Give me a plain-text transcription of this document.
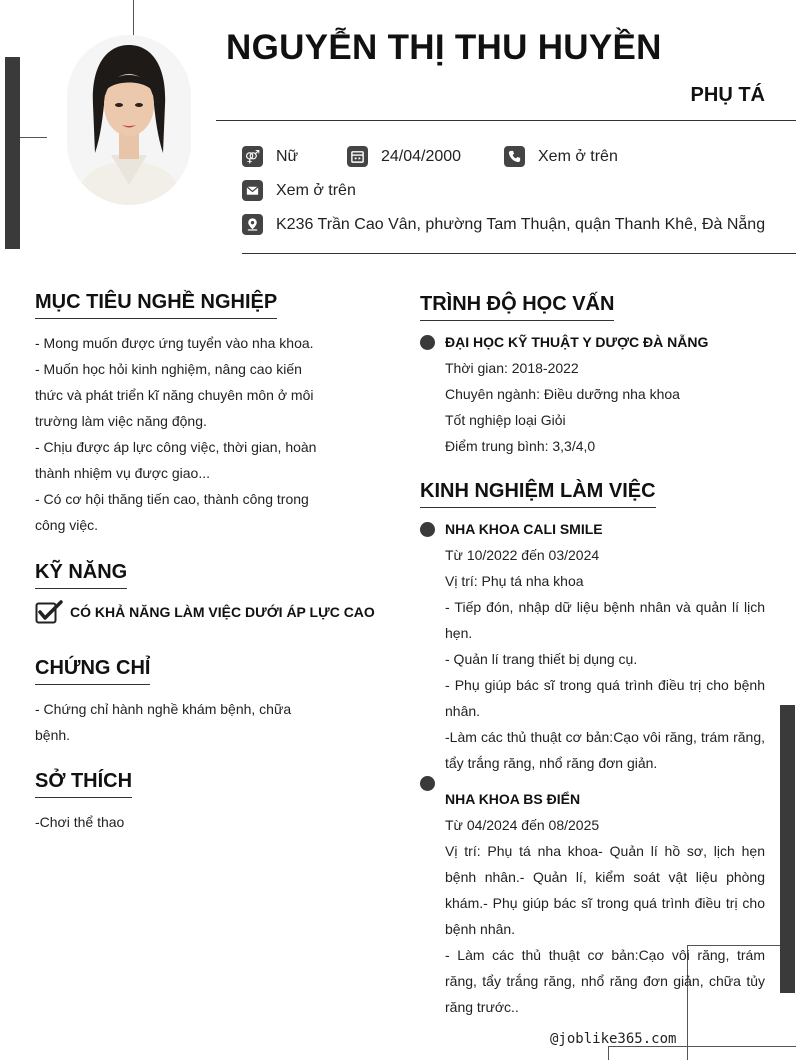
NGUYỄN THỊ THU HUYỀN
PHỤ TÁ
⚤ Nữ	24/04/2000	Xem ở trên
Xem ở trên
K236 Trần Cao Vân, phường Tam Thuận, quận Thanh Khê, Đà Nẵng
MỤC TIÊU NGHỀ NGHIỆP

- Mong muốn được ứng tuyển vào nha khoa.

- Muốn học hỏi kinh nghiệm, nâng cao kiến

thức và phát triển kĩ năng chuyên môn ở môi

trường làm việc năng động.

- Chịu được áp lực công việc, thời gian, hoàn

thành nhiệm vụ được giao...

- Có cơ hội thăng tiến cao, thành công trong

công việc.

KỸ NĂNG
CÓ KHẢ NĂNG LÀM VIỆC DƯỚI ÁP LỰC CAO
CHỨNG CHỈ

- Chứng chỉ hành nghề khám bệnh, chữa

bệnh.

SỞ THÍCH

-Chơi thể thao

TRÌNH ĐỘ HỌC VẤN

ĐẠI HỌC KỸ THUẬT Y DƯỢC ĐÀ NẴNG

Thời gian: 2018-2022

Chuyên ngành: Điều dưỡng nha khoa

Tốt nghiệp loại Giỏi

Điểm trung bình: 3,3/4,0

KINH NGHIỆM LÀM VIỆC

NHA KHOA CALI SMILE

Từ 10/2022 đến 03/2024

Vị trí: Phụ tá nha khoa

- Tiếp đón, nhập dữ liệu bệnh nhân và quản lí lịch hẹn.

- Quản lí trang thiết bị dụng cụ.

- Phụ giúp bác sĩ trong quá trình điều trị cho bệnh nhân.

-Làm các thủ thuật cơ bản:Cạo vôi răng, trám răng, tẩy trắng răng, nhổ răng đơn giản.

NHA KHOA BS ĐIỂN

Từ 04/2024 đến 08/2025

Vị trí: Phụ tá nha khoa- Quản lí hồ sơ, lịch hẹn bệnh nhân.- Quản lí, kiểm soát vật liệu phòng khám.- Phụ giúp bác sĩ trong quá trình điều trị cho bệnh nhân.

- Làm các thủ thuật cơ bản:Cạo vôi răng, trám răng, tẩy trắng răng, nhổ răng đơn giản, chữa tủy răng trước..

@joblike365.com
